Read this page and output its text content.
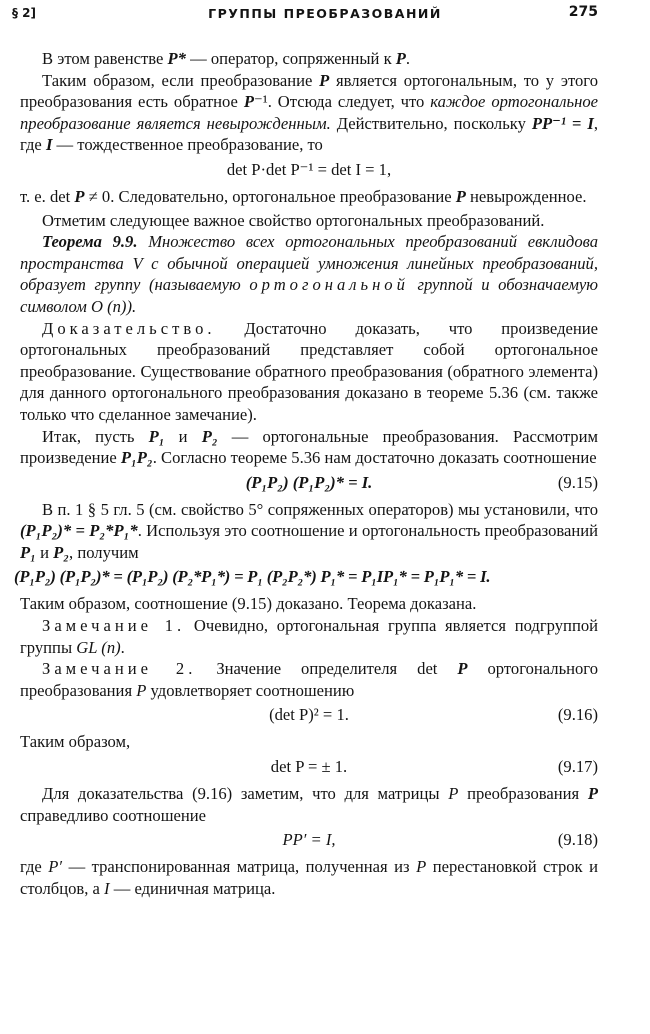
§ 2]	ГРУППЫ ПРЕОБРАЗОВАНИЙ	275

В этом равенстве P* — оператор, сопряженный к P.

Таким образом, если преобразование P является ортогональным, то у этого преобразования есть обратное P⁻¹. Отсюда следует, что каждое ортогональное преобразование является невырожденным. Действительно, поскольку PP⁻¹ = I, где I — тождественное преобразование, то

det P·det P⁻¹ = det I = 1,

т. е. det P ≠ 0. Следовательно, ортогональное преобразование P невырожденное.

Отметим следующее важное свойство ортогональных преобразований.

Теорема 9.9. Множество всех ортогональных преобразований евклидова пространства V с обычной операцией умножения линейных преобразований, образует группу (называемую ортогональной группой и обозначаемую символом O (n)).

Доказательство. Достаточно доказать, что произведение ортогональных преобразований представляет собой ортогональное преобразование. Существование обратного преобразования (обратного элемента) для данного ортогонального преобразования доказано в теореме 5.36 (см. также только что сделанное замечание).

Итак, пусть P₁ и P₂ — ортогональные преобразования. Рассмотрим произведение P₁P₂. Согласно теореме 5.36 нам достаточно доказать соотношение

(P₁P₂) (P₁P₂)* = I.	(9.15)

В п. 1 § 5 гл. 5 (см. свойство 5° сопряженных операторов) мы установили, что (P₁P₂)* = P₂*P₁*. Используя это соотношение и ортогональность преобразований P₁ и P₂, получим

(P₁P₂) (P₁P₂)* = (P₁P₂) (P₂*P₁*) = P₁ (P₂P₂*) P₁* = P₁IP₁* = P₁P₁* = I.

Таким образом, соотношение (9.15) доказано. Теорема доказана.

Замечание 1. Очевидно, ортогональная группа является подгруппой группы GL (n).

Замечание 2. Значение определителя det P ортогонального преобразования P удовлетворяет соотношению

(det P)² = 1.	(9.16)

Таким образом,

det P = ± 1.	(9.17)

Для доказательства (9.16) заметим, что для матрицы P преобразования P справедливо соотношение

PP′ = I,	(9.18)

где P′ — транспонированная матрица, полученная из P перестановкой строк и столбцов, а I — единичная матрица.
